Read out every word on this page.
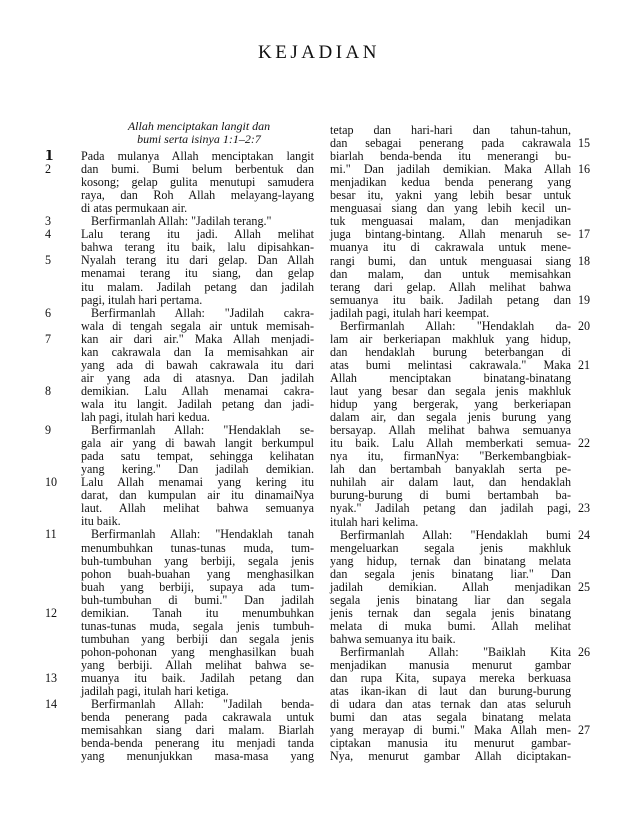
KEJADIAN
Allah menciptakan langit dan
bumi serta isinya 1:1–2:7
Pada mulanya Allah menciptakan langit
1
dan bumi. Bumi belum berbentuk dan
2
kosong; gelap gulita menutupi samudera
raya, dan Roh Allah melayang-layang
di atas permukaan air.
Berfirmanlah Allah: "Jadilah terang."
3
Lalu terang itu jadi. Allah melihat
4
bahwa terang itu baik, lalu dipisahkan-
Nyalah terang itu dari gelap. Dan Allah
5
menamai terang itu siang, dan gelap
itu malam. Jadilah petang dan jadilah
pagi, itulah hari pertama.
Berfirmanlah Allah: "Jadilah cakra-
6
wala di tengah segala air untuk memisah-
kan air dari air." Maka Allah menjadi-
7
kan cakrawala dan Ia memisahkan air
yang ada di bawah cakrawala itu dari
air yang ada di atasnya. Dan jadilah
demikian. Lalu Allah menamai cakra-
8
wala itu langit. Jadilah petang dan jadi-
lah pagi, itulah hari kedua.
Berfirmanlah Allah: "Hendaklah se-
9
gala air yang di bawah langit berkumpul
pada satu tempat, sehingga kelihatan
yang kering." Dan jadilah demikian.
Lalu Allah menamai yang kering itu
10
darat, dan kumpulan air itu dinamaiNya
laut. Allah melihat bahwa semuanya
itu baik.
Berfirmanlah Allah: "Hendaklah tanah
11
menumbuhkan tunas-tunas muda, tum-
buh-tumbuhan yang berbiji, segala jenis
pohon buah-buahan yang menghasilkan
buah yang berbiji, supaya ada tum-
buh-tumbuhan di bumi." Dan jadilah
demikian. Tanah itu menumbuhkan
12
tunas-tunas muda, segala jenis tumbuh-
tumbuhan yang berbiji dan segala jenis
pohon-pohonan yang menghasilkan buah
yang berbiji. Allah melihat bahwa se-
muanya itu baik. Jadilah petang dan
13
jadilah pagi, itulah hari ketiga.
Berfirmanlah Allah: "Jadilah benda-
14
benda penerang pada cakrawala untuk
memisahkan siang dari malam. Biarlah
benda-benda penerang itu menjadi tanda
yang menunjukkan masa-masa yang
tetap dan hari-hari dan tahun-tahun,
dan sebagai penerang pada cakrawala 15
biarlah benda-benda itu menerangi bu-
mi." Dan jadilah demikian. Maka Allah 16
menjadikan kedua benda penerang yang
besar itu, yakni yang lebih besar untuk
menguasai siang dan yang lebih kecil un-
tuk menguasai malam, dan menjadikan
juga bintang-bintang. Allah menaruh se- 17
muanya itu di cakrawala untuk mene-
rangi bumi, dan untuk menguasai siang 18
dan malam, dan untuk memisahkan
terang dari gelap. Allah melihat bahwa
semuanya itu baik. Jadilah petang dan 19
jadilah pagi, itulah hari keempat.
Berfirmanlah Allah: "Hendaklah da- 20
lam air berkeriapan makhluk yang hidup,
dan hendaklah burung beterbangan di
atas bumi melintasi cakrawala." Maka 21
Allah menciptakan binatang-binatang
laut yang besar dan segala jenis makhluk
hidup yang bergerak, yang berkeriapan
dalam air, dan segala jenis burung yang
bersayap. Allah melihat bahwa semuanya
itu baik. Lalu Allah memberkati semua- 22
nya itu, firmanNya: "Berkembangbiak-
lah dan bertambah banyaklah serta pe-
nuhilah air dalam laut, dan hendaklah
burung-burung di bumi bertambah ba-
nyak." Jadilah petang dan jadilah pagi, 23
itulah hari kelima.
Berfirmanlah Allah: "Hendaklah bumi 24
mengeluarkan segala jenis makhluk
yang hidup, ternak dan binatang melata
dan segala jenis binatang liar." Dan
jadilah demikian. Allah menjadikan 25
segala jenis binatang liar dan segala
jenis ternak dan segala jenis binatang
melata di muka bumi. Allah melihat
bahwa semuanya itu baik.
Berfirmanlah Allah: "Baiklah Kita 26
menjadikan manusia menurut gambar
dan rupa Kita, supaya mereka berkuasa
atas ikan-ikan di laut dan burung-burung
di udara dan atas ternak dan atas seluruh
bumi dan atas segala binatang melata
yang merayap di bumi." Maka Allah men- 27
ciptakan manusia itu menurut gambar-
Nya, menurut gambar Allah diciptakan-
